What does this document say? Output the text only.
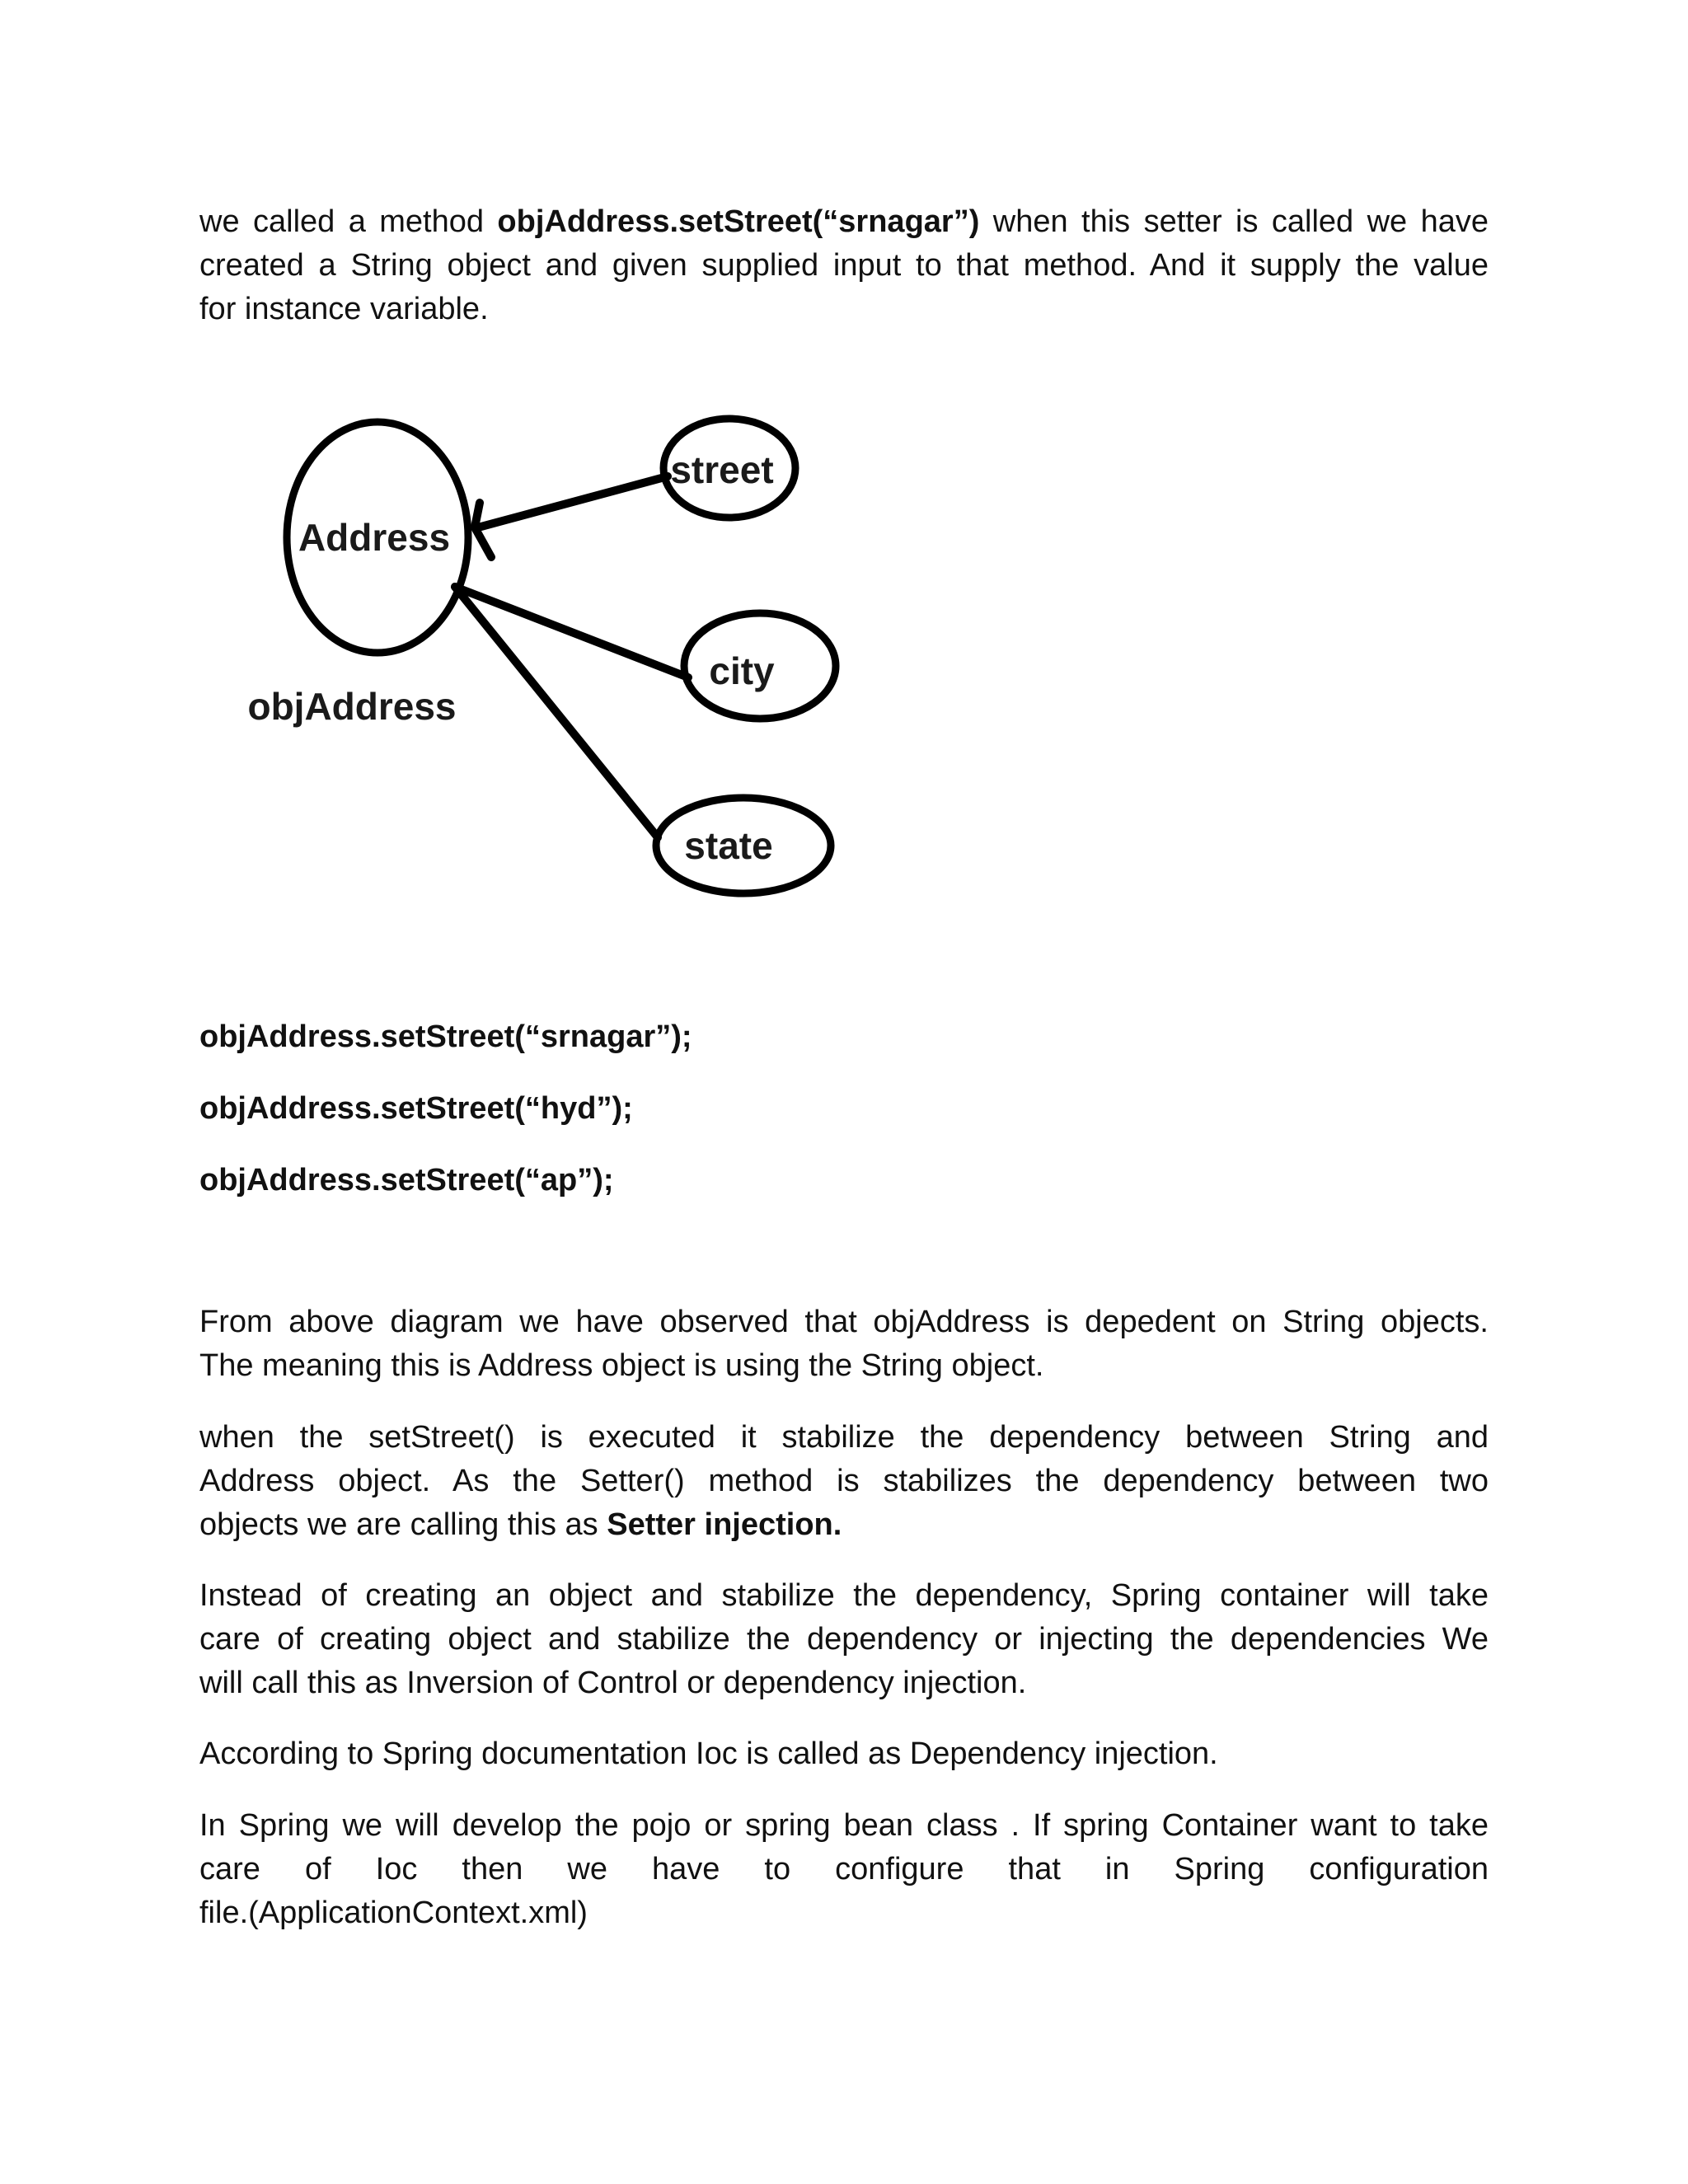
we called a method objAddress.setStreet(“srnagar”) when this setter is called we have
created a String object and given supplied input to that method. And it supply the value
for instance variable.
Address
objAddress
street
city
state
objAddress.setStreet(“srnagar”);
objAddress.setStreet(“hyd”);
objAddress.setStreet(“ap”);
From above diagram we have observed that objAddress is depedent on String objects.
The meaning this is Address object is using the String object.
when the setStreet() is executed it stabilize the dependency between String and
Address object. As the Setter() method is stabilizes the dependency between two
objects we are calling this as Setter injection.
Instead of creating an object and stabilize the dependency, Spring container will take
care of creating object and stabilize the dependency or injecting the dependencies We
will call this as Inversion of Control or dependency injection.
According to Spring documentation Ioc is called as Dependency injection.
In Spring we will develop the pojo or spring bean class . If spring Container want to take
care of Ioc then we have to configure that in Spring configuration
file.(ApplicationContext.xml)
